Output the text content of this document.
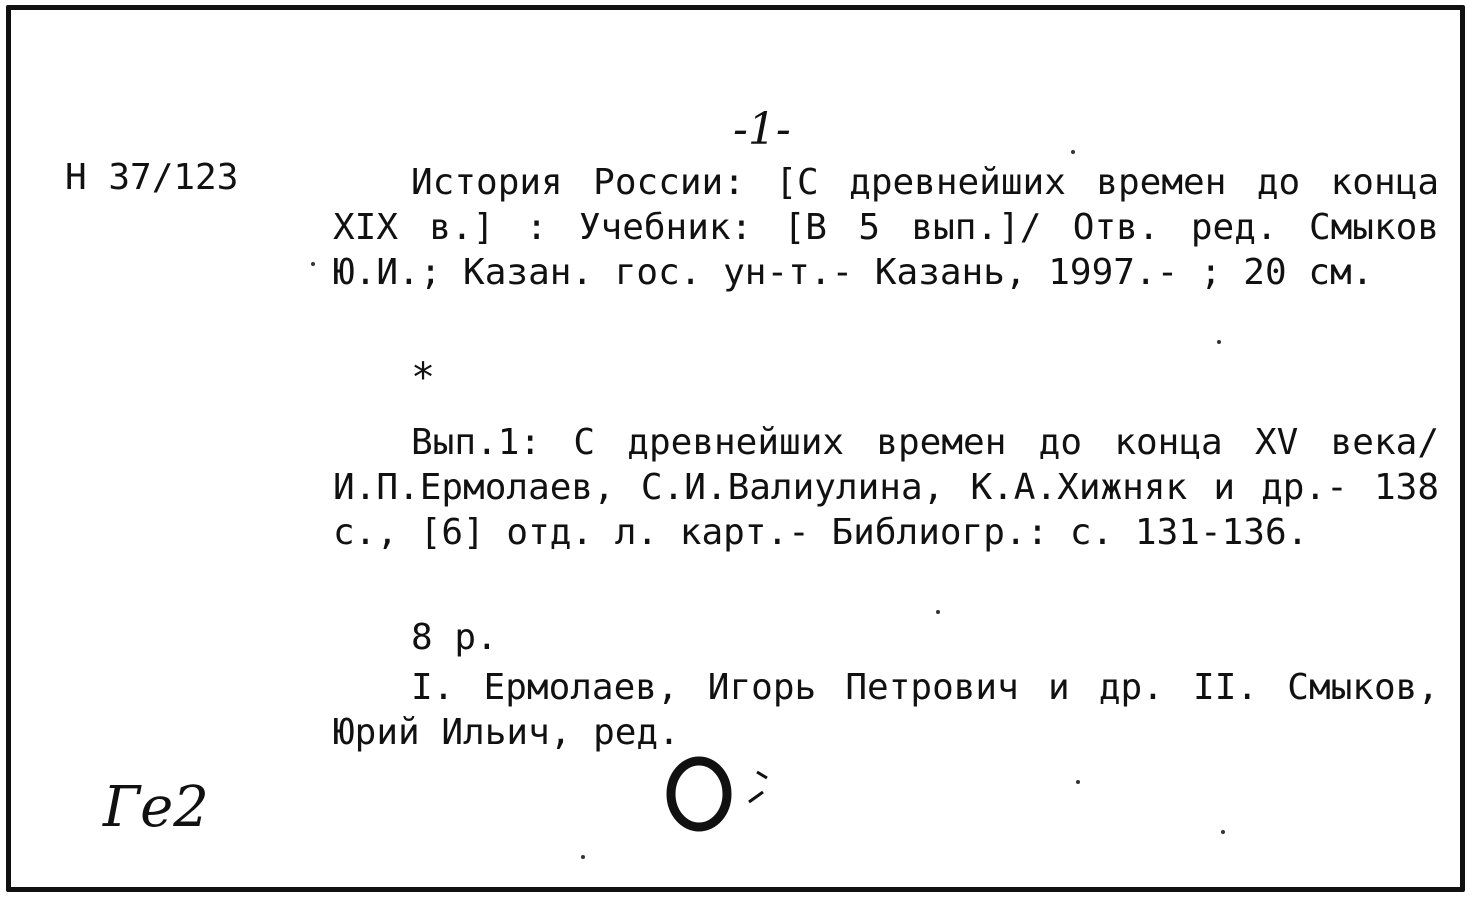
-1-
Н 37/123	История России: [С древнейших времен до конца XIX в.] : Учебник: [В 5 вып.]/ Отв. ред. Смыков Ю.И.; Казан. гос. ун-т.- Казань, 1997.- ; 20 см.
*
Вып.1: С древнейших времен до конца XV века/ И.П.Ермолаев, С.И.Валиулина, К.А.Хижняк и др.- 138 с., [6] отд. л. карт.- Библиогр.: с. 131-136.
8 р.
I. Ермолаев, Игорь Петрович и др. II. Смыков, Юрий Ильич, ред.
Ге2
